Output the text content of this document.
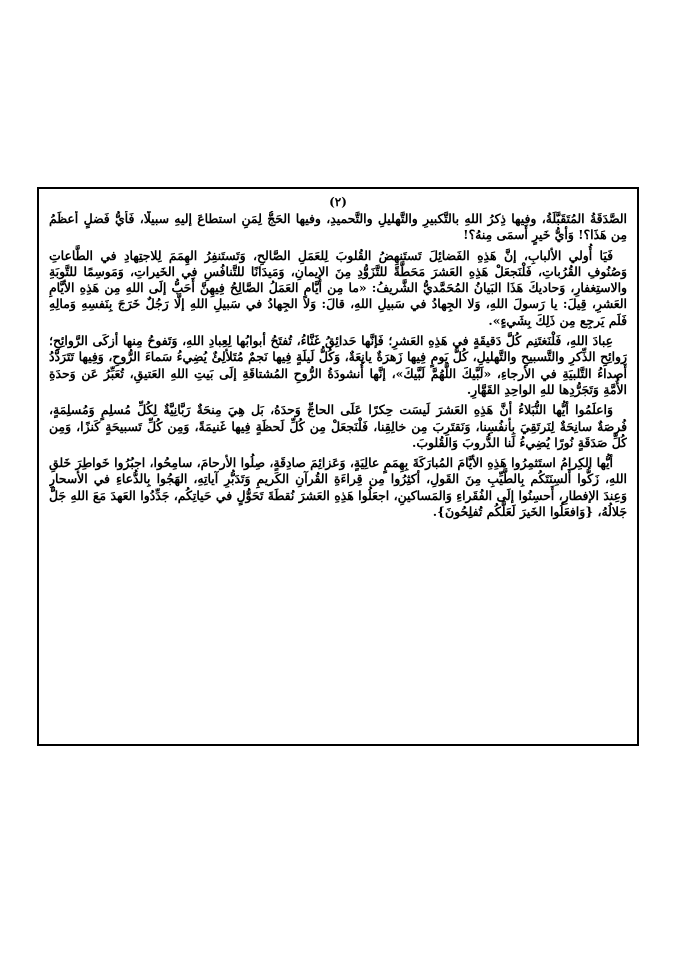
(٢)

الصَّدَقَةُ المُتَقَبَّلَةُ، وفيها ذِكرُ اللهِ بالتَّكبيرِ والتَّهليلِ والتَّحميدِ، وفيها الحَجُّ لِمَنِ استطاعَ إليهِ سبيلًا، فَأيُّ فَضلٍ أعظَمُ مِن هَذَا؟! وَأيُّ خَيرٍ أَسمَى مِنهُ؟!

فَيَا أُولي الألبابِ، إنَّ هَذِهِ الفَضائِلَ تَستَنهِضُ القُلوبَ لِلعَمَلِ الصَّالحِ، وَتَستَنفِرُ الهِمَمَ لِلاجتِهادِ في الطَّاعاتِ وَصُنُوفِ القُرُباتِ، فَلْنَجعَلْ هَذِهِ العَشرَ مَحَطَّةً للتَّزَوُّدِ مِنَ الإيمانِ، وَمَيدَانًا للتَّنافُسِ في الخَيراتِ، وَمَوسِمًا للتَّوبَةِ والاستِغفارِ، وَحاديكَ هَذَا البَيانُ المُحَمَّديُّ الشَّريفُ: «ما مِن أيَّامٍ العَمَلُ الصَّالِحُ فِيهِنَّ أَحَبُّ إلَى اللهِ مِن هَذِهِ الأيَّامِ العَشرِ، قِيلَ: يا رَسولَ اللهِ، وَلا الجِهادُ في سَبيلِ اللهِ، قالَ: وَلا الجِهادُ في سَبيلِ اللهِ إلَّا رَجُلٌ خَرَجَ بِنَفسِهِ وَمالِهِ فَلَم يَرجِع مِن ذَلِكَ بِشَيءٍ».

عِبادَ اللهِ، فَلْنَغتَنِم كُلَّ دَقيقَةٍ في هَذِهِ العَشرِ؛ فَإنَّها حَدائِقُ غَنَّاءُ، تُفتَحُ أبوابُها لِعِبادِ اللهِ، وَتَفوحُ مِنها أزكَى الرَّوائِحِ؛ رَوائِحِ الذِّكرِ والتَّسبيحِ والتَّهليلِ، كُلُّ يَومٍ فِيها زَهرَةٌ يانِعَةٌ، وَكُلُّ لَيلَةٍ فِيها نَجمٌ مُتَلألِئٌ يُضِيءُ سَماءَ الرُّوحِ، وَفِيها تَتَرَدَّدُ أَصداءُ التَّلبيَةِ في الأرجاءِ، «لَبَّيكَ اللَّهُمَّ لَبَّيكَ»، إنَّها أُنشودَةُ الرُّوحِ المُشتاقَةِ إلَى بَيتِ اللهِ العَتيقِ، تُعَبِّرُ عَن وَحدَةِ الأُمَّةِ وَتَجَرُّدِها للهِ الواحِدِ القَهَّارِ.

وَاعلَمُوا أيُّها النُّبَلاءُ أنَّ هَذِهِ العَشرَ لَيسَت حِكرًا عَلَى الحاجِّ وَحدَهُ، بَل هِيَ مِنحَةٌ رَبَّانِيَّةٌ لِكُلِّ مُسلِمٍ وَمُسلِمَةٍ، فُرصَةٌ سانِحَةٌ لِنَرتَقِيَ بِأنفُسِنا، وَنَقتَرِبَ مِن خالِقِنا، فَلْنَجعَلْ مِن كُلِّ لَحظَةٍ فِيها غَنيمَةً، وَمِن كُلِّ تَسبيحَةٍ كَنزًا، وَمِن كُلِّ صَدَقَةٍ نُورًا يُضِيءُ لَنا الدُّروبَ وَالقُلوبَ.

أيُّها الكِرامُ استَثمِرُوا هَذِهِ الأيَّامَ المُبارَكَةَ بِهِمَمٍ عالِيَةٍ، وَعَزائِمَ صادِقَةٍ، صِلُوا الأرحامَ، سامِحُوا، اجبُرُوا خَواطِرَ خَلقِ اللهِ، زَكُّوا أَلسِنَتَكُم بِالطَّيِّبِ مِنَ القَولِ، أكثِرُوا مِن قِراءَةِ القُرآنِ الكَريمِ وَتَدَبُّرِ آياتِهِ، الهَجُوا بِالدُّعاءِ في الأسحارِ وَعِندَ الإفطارِ، أَحسِنُوا إلَى الفُقَراءِ وَالمَساكينِ، اجعَلُوا هَذِهِ العَشرَ نُقطَةَ تَحَوُّلٍ في حَياتِكُم، جَدِّدُوا العَهدَ مَعَ اللهِ جَلَّ جَلالُهُ، {وَافعَلُوا الخَيرَ لَعَلَّكُم تُفلِحُونَ}.
